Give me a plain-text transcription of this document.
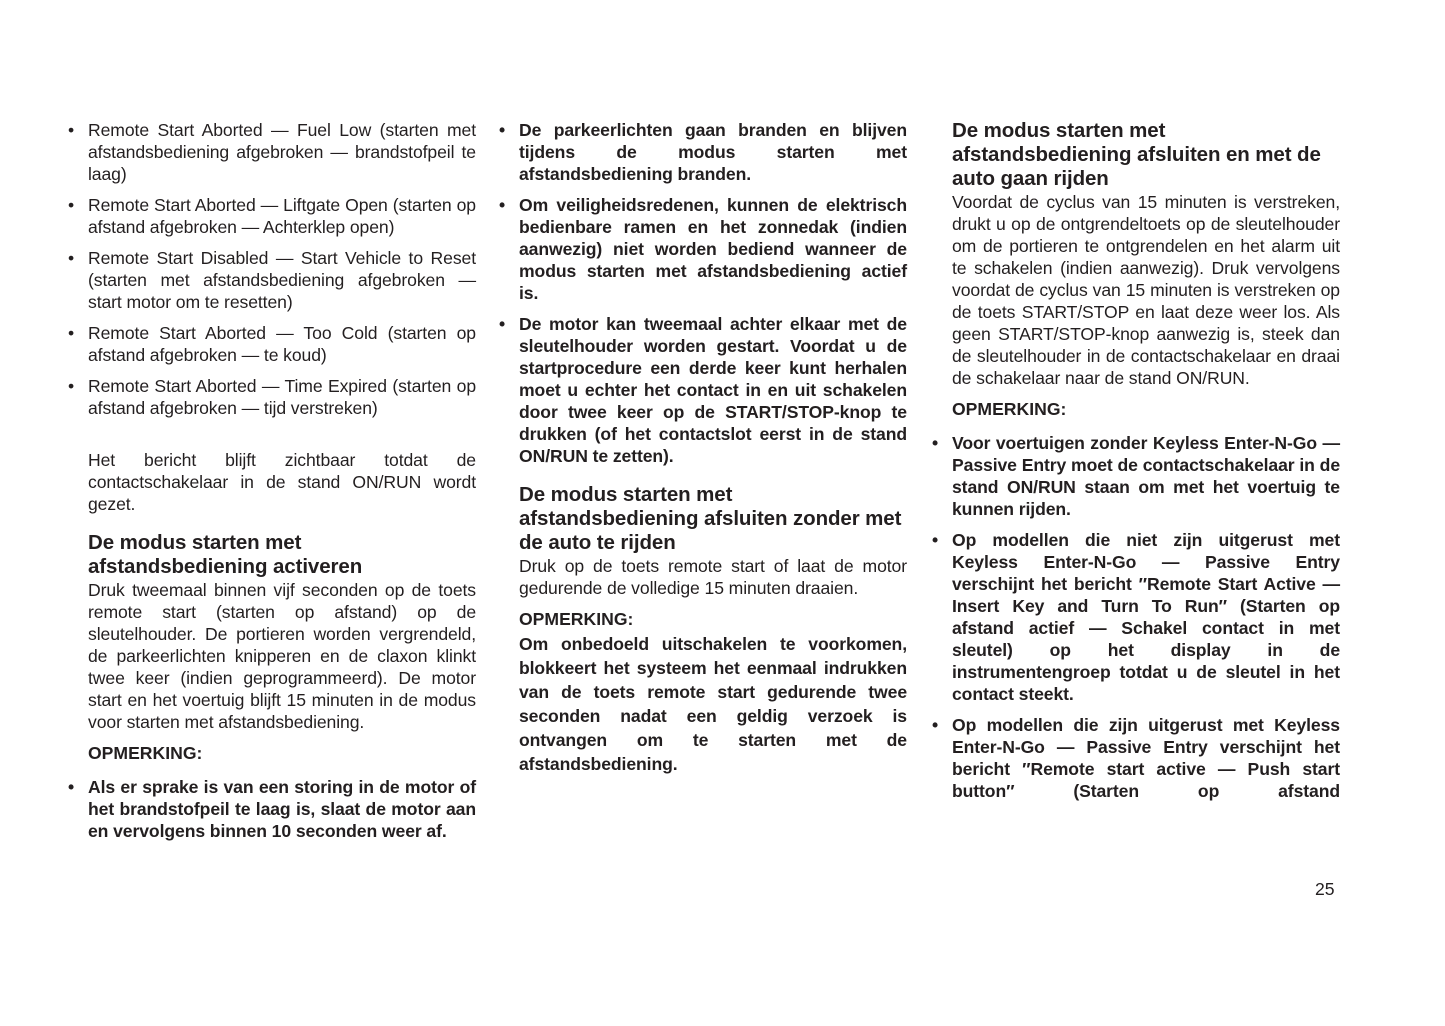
• Remote Start Aborted — Fuel Low (starten met afstandsbediening afgebroken — brandstofpeil te laag)
• Remote Start Aborted — Liftgate Open (starten op afstand afgebroken — Achterklep open)
• Remote Start Disabled — Start Vehicle to Reset (starten met afstandsbediening afgebroken — start motor om te resetten)
• Remote Start Aborted — Too Cold (starten op afstand afgebroken — te koud)
• Remote Start Aborted — Time Expired (starten op afstand afgebroken — tijd verstreken)

Het bericht blijft zichtbaar totdat de contactschakelaar in de stand ON/RUN wordt gezet.

De modus starten met afstandsbediening activeren

Druk tweemaal binnen vijf seconden op de toets remote start (starten op afstand) op de sleutelhouder. De portieren worden vergrendeld, de parkeerlichten knipperen en de claxon klinkt twee keer (indien geprogrammeerd). De motor start en het voertuig blijft 15 minuten in de modus voor starten met afstandsbediening.

OPMERKING:
• Als er sprake is van een storing in de motor of het brandstofpeil te laag is, slaat de motor aan en vervolgens binnen 10 seconden weer af.
• De parkeerlichten gaan branden en blijven tijdens de modus starten met afstandsbediening branden.
• Om veiligheidsredenen, kunnen de elektrisch bedienbare ramen en het zonnedak (indien aanwezig) niet worden bediend wanneer de modus starten met afstandsbediening actief is.
• De motor kan tweemaal achter elkaar met de sleutelhouder worden gestart. Voordat u de startprocedure een derde keer kunt herhalen moet u echter het contact in en uit schakelen door twee keer op de START/STOP-knop te drukken (of het contactslot eerst in de stand ON/RUN te zetten).
De modus starten met afstandsbediening afsluiten zonder met de auto te rijden

Druk op de toets remote start of laat de motor gedurende de volledige 15 minuten draaien.

OPMERKING:

Om onbedoeld uitschakelen te voorkomen, blokkeert het systeem het eenmaal indrukken van de toets remote start gedurende twee seconden nadat een geldig verzoek is ontvangen om te starten met de afstandsbediening.

De modus starten met afstandsbediening afsluiten en met de auto gaan rijden

Voordat de cyclus van 15 minuten is verstreken, drukt u op de ontgrendeltoets op de sleutelhouder om de portieren te ontgrendelen en het alarm uit te schakelen (indien aanwezig). Druk vervolgens voordat de cyclus van 15 minuten is verstreken op de toets START/STOP en laat deze weer los. Als geen START/STOP-knop aanwezig is, steek dan de sleutelhouder in de contactschakelaar en draai de schakelaar naar de stand ON/RUN.

OPMERKING:
• Voor voertuigen zonder Keyless Enter-N-Go — Passive Entry moet de contactschakelaar in de stand ON/RUN staan om met het voertuig te kunnen rijden.
• Op modellen die niet zijn uitgerust met Keyless Enter-N-Go — Passive Entry verschijnt het bericht ″Remote Start Active — Insert Key and Turn To Run″ (Starten op afstand actief — Schakel contact in met sleutel) op het display in de instrumentengroep totdat u de sleutel in het contact steekt.
• Op modellen die zijn uitgerust met Keyless Enter-N-Go — Passive Entry verschijnt het bericht ″Remote start active — Push start button″ (Starten op afstand
25
